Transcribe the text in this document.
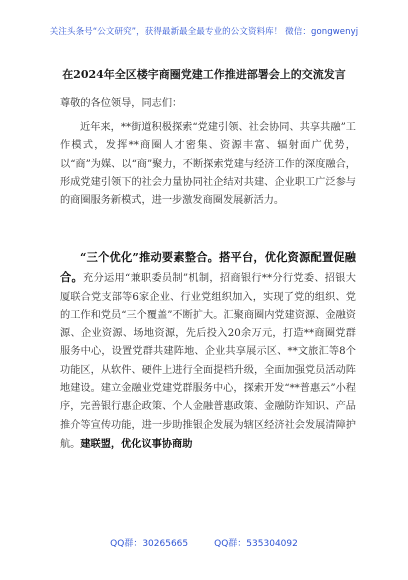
关注头条号“公文研究”，获得最新最全最专业的公文资料库！ 微信：gongwenyj
在2024年全区楼宇商圈党建工作推进部署会上的交流发言
尊敬的各位领导，同志们：
近年来，**街道积极探索“党建引领、社会协同、共享共融”工作模式，发挥**商圈人才密集、资源丰富、辐射面广优势，以“商”为媒、以“商”聚力，不断探索党建与经济工作的深度融合，形成党建引领下的社会力量协同社企结对共建、企业职工广泛参与的商圈服务新模式，进一步激发商圈发展新活力。
“三个优化”推动要素整合。搭平台，优化资源配置促融合。充分运用“兼职委员制”机制，招商银行**分行党委、招银大厦联合党支部等6家企业、行业党组织加入，实现了党的组织、党的工作和党员“三个覆盖”不断扩大。汇聚商圈内党建资源、金融资源、企业资源、场地资源，先后投入20余万元，打造**商圈党群服务中心，设置党群共建阵地、企业共享展示区、**文旅汇等8个功能区，从软件、硬件上进行全面提档升级，全面加强党员活动阵地建设。建立金融业党建党群服务中心，探索开发“**普惠云”小程序，完善银行惠企政策、个人金融普惠政策、金融防诈知识、产品推介等宣传功能，进一步助推银企发展为辖区经济社会发展清障护航。建联盟，优化议事协商助
QQ群：30265665	QQ群：535304092
